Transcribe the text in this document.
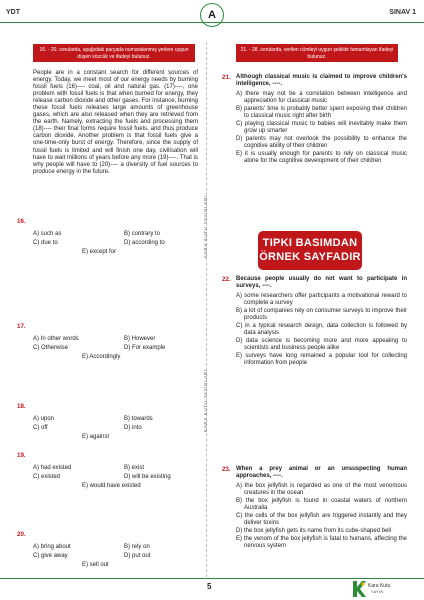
YDT	A	SINAV 1
16. - 20. sorularda, aşağıdaki parçada numaralanmış yerlere uygun düşen sözcük ve ifadeyi bulunuz.
21. - 28. sorularda, verilen cümleyi uygun şekilde tamamlayan ifadeyi bulunuz.
People are in a constant search for different sources of energy. Today, we meet most of our energy needs by burning fossil fuels (16)---- coal, oil and natural gas. (17)----, one problem with fossil fuels is that when burned for energy, they release carbon dioxide and other gases. For instance, burning these fossil fuels releases large amounts of greenhouse gases, which are also released when they are retrieved from the earth. Namely, extracting the fuels and processing them (18)---- their final forms require fossil fuels, and thus produce carbon dioxide. Another problem is that fossil fuels give a one-time-only burst of energy. Therefore, since the supply of fossil fuels is limited and will finish one day, civilisation will have to wait millions of years before any more (19)----. That is why people will have to (20)---- a diversity of fuel sources to produce energy in the future.
16.
A) such as	B) contrary to
C) due to	D) according to
E) except for
17.
A) In other words	B) However
C) Otherwise	D) For example
E) Accordingly
18.
A) upon	B) towards
C) off	D) into
E) against
19.
A) had existed	B) exist
C) existed	D) will be existing
E) would have existed
20.
A) bring about	B) rely on
C) give away	D) put out
E) sell out
KARA KUTU YAYINLARI
KARA KUTU YAYINLARI
21. Although classical music is claimed to improve children's intelligence, ----.
A) there may not be a correlation between intelligence and appreciation for classical music
B) parents' time is probably better spent exposing their children to classical music right after birth
C) playing classical music to babies will inevitably make them grow up smarter
D) parents may not overlook the possibility to enhance the cognitive ability of their children
E) it is usually enough for parents to rely on classical music alone for the cognitive development of their children
22. Because people usually do not want to participate in surveys, ----.
A) some researchers offer participants a motivational reward to complete a survey
B) a lot of companies rely on consumer surveys to improve their products
C) in a typical research design, data collection is followed by data analysis
D) data science is becoming more and more appealing to scientists and business people alike
E) surveys have long remained a popular tool for collecting information from people
23. When a prey animal or an unsuspecting human approaches, ----.
A) the box jellyfish is regarded as one of the most venomous creatures in the ocean
B) the box jellyfish is found in coastal waters of northern Australia
C) the cells of the box jellyfish are triggered instantly and they deliver toxins
D) the box jellyfish gets its name from its cube-shaped bell
E) the venom of the box jellyfish is fatal to humans, affecting the nervous system
TIPKI BASIMDAN
ÖRNEK SAYFADIR
5	Kara Kutu
YAYIN
